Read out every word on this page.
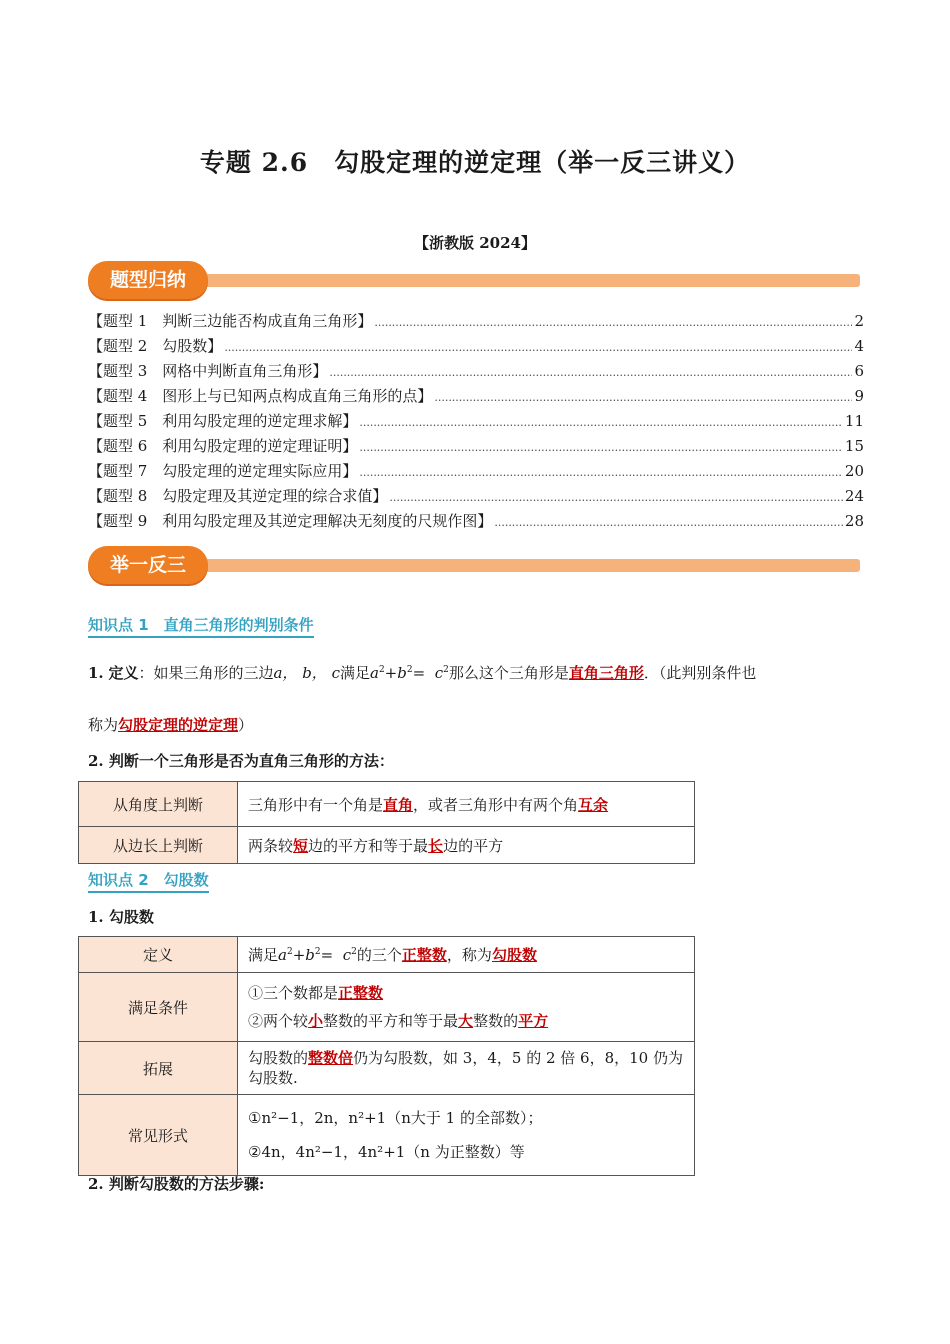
专题 2.6　勾股定理的逆定理（举一反三讲义）
【浙教版 2024】
题型归纳
【题型 1　判断三边能否构成直角三角形】 .....	2
【题型 2　勾股数】 .....	4
【题型 3　网格中判断直角三角形】 .....	6
【题型 4　图形上与已知两点构成直角三角形的点】 .....	9
【题型 5　利用勾股定理的逆定理求解】 .....	11
【题型 6　利用勾股定理的逆定理证明】 .....	15
【题型 7　勾股定理的逆定理实际应用】 .....	20
【题型 8　勾股定理及其逆定理的综合求值】 .....	24
【题型 9　利用勾股定理及其逆定理解决无刻度的尺规作图】 .....	28
举一反三
知识点 1　直角三角形的判别条件
1. 定义：如果三角形的三边a， b， c满足$a^2+b^2= c^2$那么这个三角形是直角三角形．（此判别条件也
称为勾股定理的逆定理）
2. 判断一个三角形是否为直角三角形的方法：
从角度上判断	三角形中有一个角是直角，或者三角形中有两个角互余
从边长上判断	两条较短边的平方和等于最长边的平方
知识点 2　勾股数
1. 勾股数
定义	满足$a^2+b^2= c^2$的三个正整数，称为勾股数
满足条件	①三个数都是正整数
②两个较小整数的平方和等于最大整数的平方

拓展	勾股数的整数倍仍为勾股数，如 3，4，5 的 2 倍 6，8，10 仍为勾股数.
常见形式	①n²−1，2n，n²+1（n大于 1 的全部数）；
②4n，4n²−1，4n²+1（n 为正整数）等
2. 判断勾股数的方法步骤:
